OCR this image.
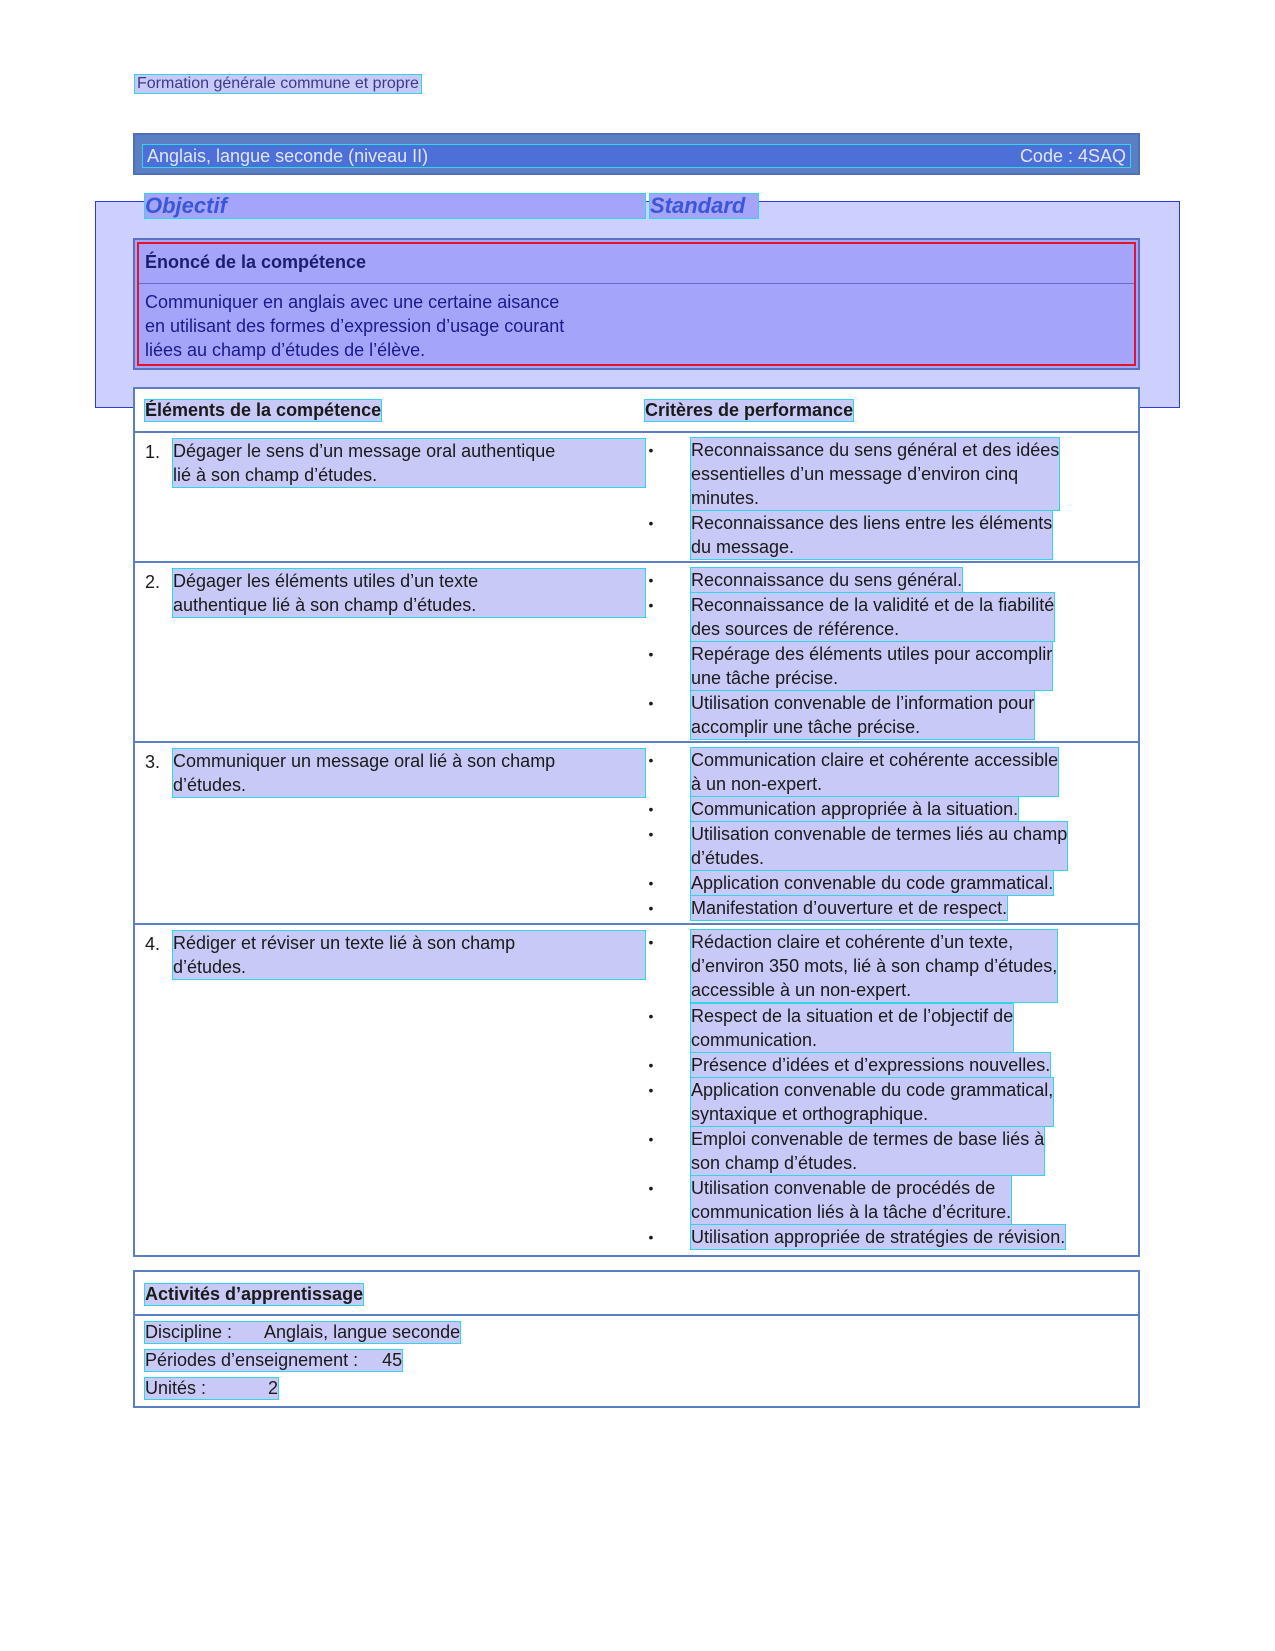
Formation générale commune et propre
Anglais, langue seconde (niveau II)	Code : 4SAQ
Objectif	Standard
Énoncé de la compétence
Communiquer en anglais avec une certaine aisance
en utilisant des formes d’expression d’usage courant
liées au champ d’études de l’élève.
Éléments de la compétence	Critères de performance
1. Dégager le sens d’un message oral authentique
lié à son champ d’études.
• Reconnaissance du sens général et des idées
essentielles d’un message d’environ cinq
minutes.
• Reconnaissance des liens entre les éléments
du message.
2. Dégager les éléments utiles d’un texte
authentique lié à son champ d’études.
• Reconnaissance du sens général.
• Reconnaissance de la validité et de la fiabilité
des sources de référence.
• Repérage des éléments utiles pour accomplir
une tâche précise.
• Utilisation convenable de l’information pour
accomplir une tâche précise.
3. Communiquer un message oral lié à son champ
d’études.
• Communication claire et cohérente accessible
à un non-expert.
• Communication appropriée à la situation.
• Utilisation convenable de termes liés au champ
d’études.
• Application convenable du code grammatical.
• Manifestation d’ouverture et de respect.
4. Rédiger et réviser un texte lié à son champ
d’études.
• Rédaction claire et cohérente d’un texte,
d’environ 350 mots, lié à son champ d’études,
accessible à un non-expert.
• Respect de la situation et de l’objectif de
communication.
• Présence d’idées et d’expressions nouvelles.
• Application convenable du code grammatical,
syntaxique et orthographique.
• Emploi convenable de termes de base liés à
son champ d’études.
• Utilisation convenable de procédés de
communication liés à la tâche d’écriture.
• Utilisation appropriée de stratégies de révision.
Activités d’apprentissage
Discipline : Anglais, langue seconde
Périodes d’enseignement : 45
Unités :	2
